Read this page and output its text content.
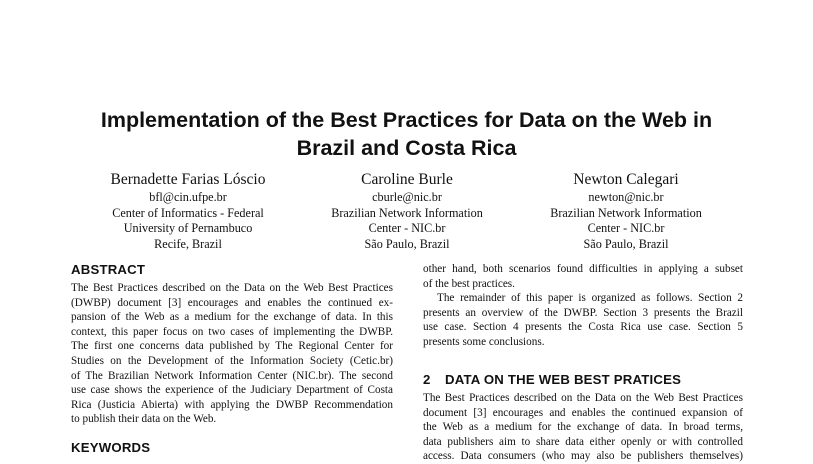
Implementation of the Best Practices for Data on the Web in
Brazil and Costa Rica
Bernadette Farias Lóscio
bfl@cin.ufpe.br
Center of Informatics - Federal
University of Pernambuco
Recife, Brazil
Caroline Burle
cburle@nic.br
Brazilian Network Information
Center - NIC.br
São Paulo, Brazil
Newton Calegari
newton@nic.br
Brazilian Network Information
Center - NIC.br
São Paulo, Brazil
ABSTRACT
The Best Practices described on the Data on the Web Best Practices
(DWBP) document [3] encourages and enables the continued ex-
pansion of the Web as a medium for the exchange of data. In this
context, this paper focus on two cases of implementing the DWBP.
The first one concerns data published by The Regional Center for
Studies on the Development of the Information Society (Cetic.br)
of The Brazilian Network Information Center (NIC.br). The second
use case shows the experience of the Judiciary Department of Costa
Rica (Justicia Abierta) with applying the DWBP Recommendation
to publish their data on the Web.
KEYWORDS
other hand, both scenarios found difficulties in applying a subset
of the best practices.
The remainder of this paper is organized as follows. Section 2
presents an overview of the DWBP. Section 3 presents the Brazil
use case. Section 4 presents the Costa Rica use case. Section 5
presents some conclusions.
2 DATA ON THE WEB BEST PRATICES
The Best Practices described on the Data on the Web Best Practices
document [3] encourages and enables the continued expansion of
the Web as a medium for the exchange of data. In broad terms,
data publishers aim to share data either openly or with controlled
access. Data consumers (who may also be publishers themselves)
